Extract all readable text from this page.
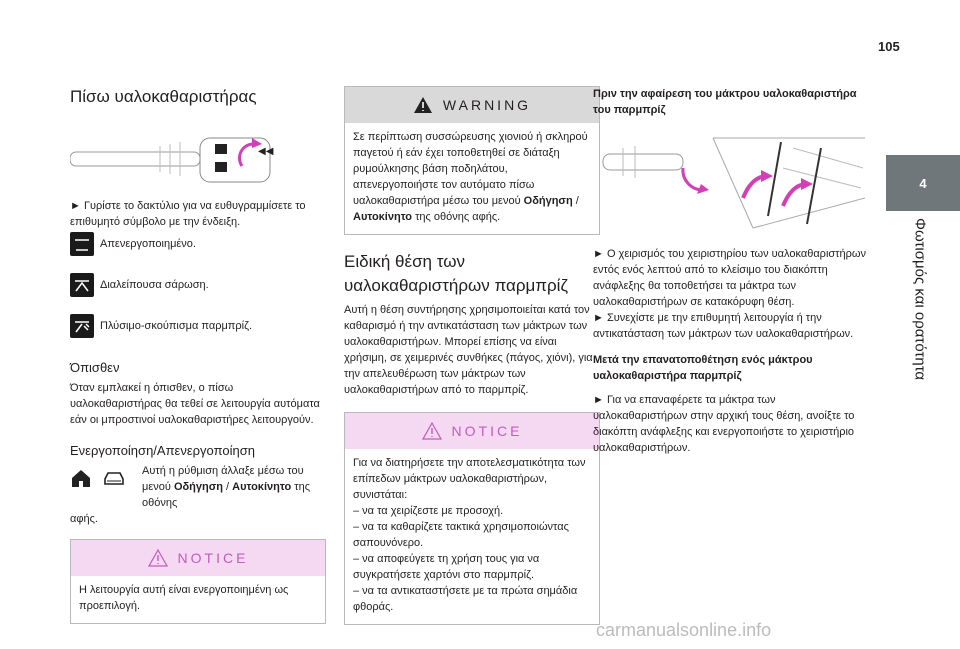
105
4
Φωτισμός και ορατότητα
Πίσω υαλοκαθαριστήρας
◀◀

► Γυρίστε το δακτύλιο για να ευθυγραμμίσετε το επιθυμητό σύμβολο με την ένδειξη.

Απενεργοποιημένο.
Διαλείπουσα σάρωση.
Πλύσιμο-σκούπισμα παρμπρίζ.
Όπισθεν

Όταν εμπλακεί η όπισθεν, ο πίσω υαλοκαθαριστήρας θα τεθεί σε λειτουργία αυτόματα εάν οι μπροστινοί υαλοκαθαριστήρες λειτουργούν.

Ενεργοποίηση/Απενεργοποίηση

Αυτή η ρύθμιση άλλαξε μέσω του μενού Οδήγηση / Αυτοκίνητο της οθόνης

αφής.

NOTICE

Η λειτουργία αυτή είναι ενεργοποιημένη ως προεπιλογή.

WARNING

Σε περίπτωση συσσώρευσης χιονιού ή σκληρού παγετού ή εάν έχει τοποθετηθεί σε διάταξη ρυμούλκησης βάση ποδηλάτου, απενεργοποιήστε τον αυτόματο πίσω υαλοκαθαριστήρα μέσω του μενού Οδήγηση / Αυτοκίνητο της οθόνης αφής.

Ειδική θέση των υαλοκαθαριστήρων παρμπρίζ

Αυτή η θέση συντήρησης χρησιμοποιείται κατά τον καθαρισμό ή την αντικατάσταση των μάκτρων των υαλοκαθαριστήρων. Μπορεί επίσης να είναι χρήσιμη, σε χειμερινές συνθήκες (πάγος, χιόνι), για την απελευθέρωση των μάκτρων των υαλοκαθαριστήρων από το παρμπρίζ.

NOTICE

Για να διατηρήσετε την αποτελεσματικότητα των επίπεδων μάκτρων υαλοκαθαριστήρων, συνιστάται:

– να τα χειρίζεστε με προσοχή.

– να τα καθαρίζετε τακτικά χρησιμοποιώντας σαπουνόνερο.

– να αποφεύγετε τη χρήση τους για να συγκρατήσετε χαρτόνι στο παρμπρίζ.

– να τα αντικαταστήσετε με τα πρώτα σημάδια φθοράς.

Πριν την αφαίρεση του μάκτρου υαλοκαθαριστήρα του παρμπρίζ

► Ο χειρισμός του χειριστηρίου των υαλοκαθαριστήρων εντός ενός λεπτού από το κλείσιμο του διακόπτη ανάφλεξης θα τοποθετήσει τα μάκτρα των υαλοκαθαριστήρων σε κατακόρυφη θέση.

► Συνεχίστε με την επιθυμητή λειτουργία ή την αντικατάσταση των μάκτρων των υαλοκαθαριστήρων.

Μετά την επανατοποθέτηση ενός μάκτρου υαλοκαθαριστήρα παρμπρίζ

► Για να επαναφέρετε τα μάκτρα των υαλοκαθαριστήρων στην αρχική τους θέση, ανοίξτε το διακόπτη ανάφλεξης και ενεργοποιήστε το χειριστήριο υαλοκαθαριστήρων.

carmanualsonline.info
